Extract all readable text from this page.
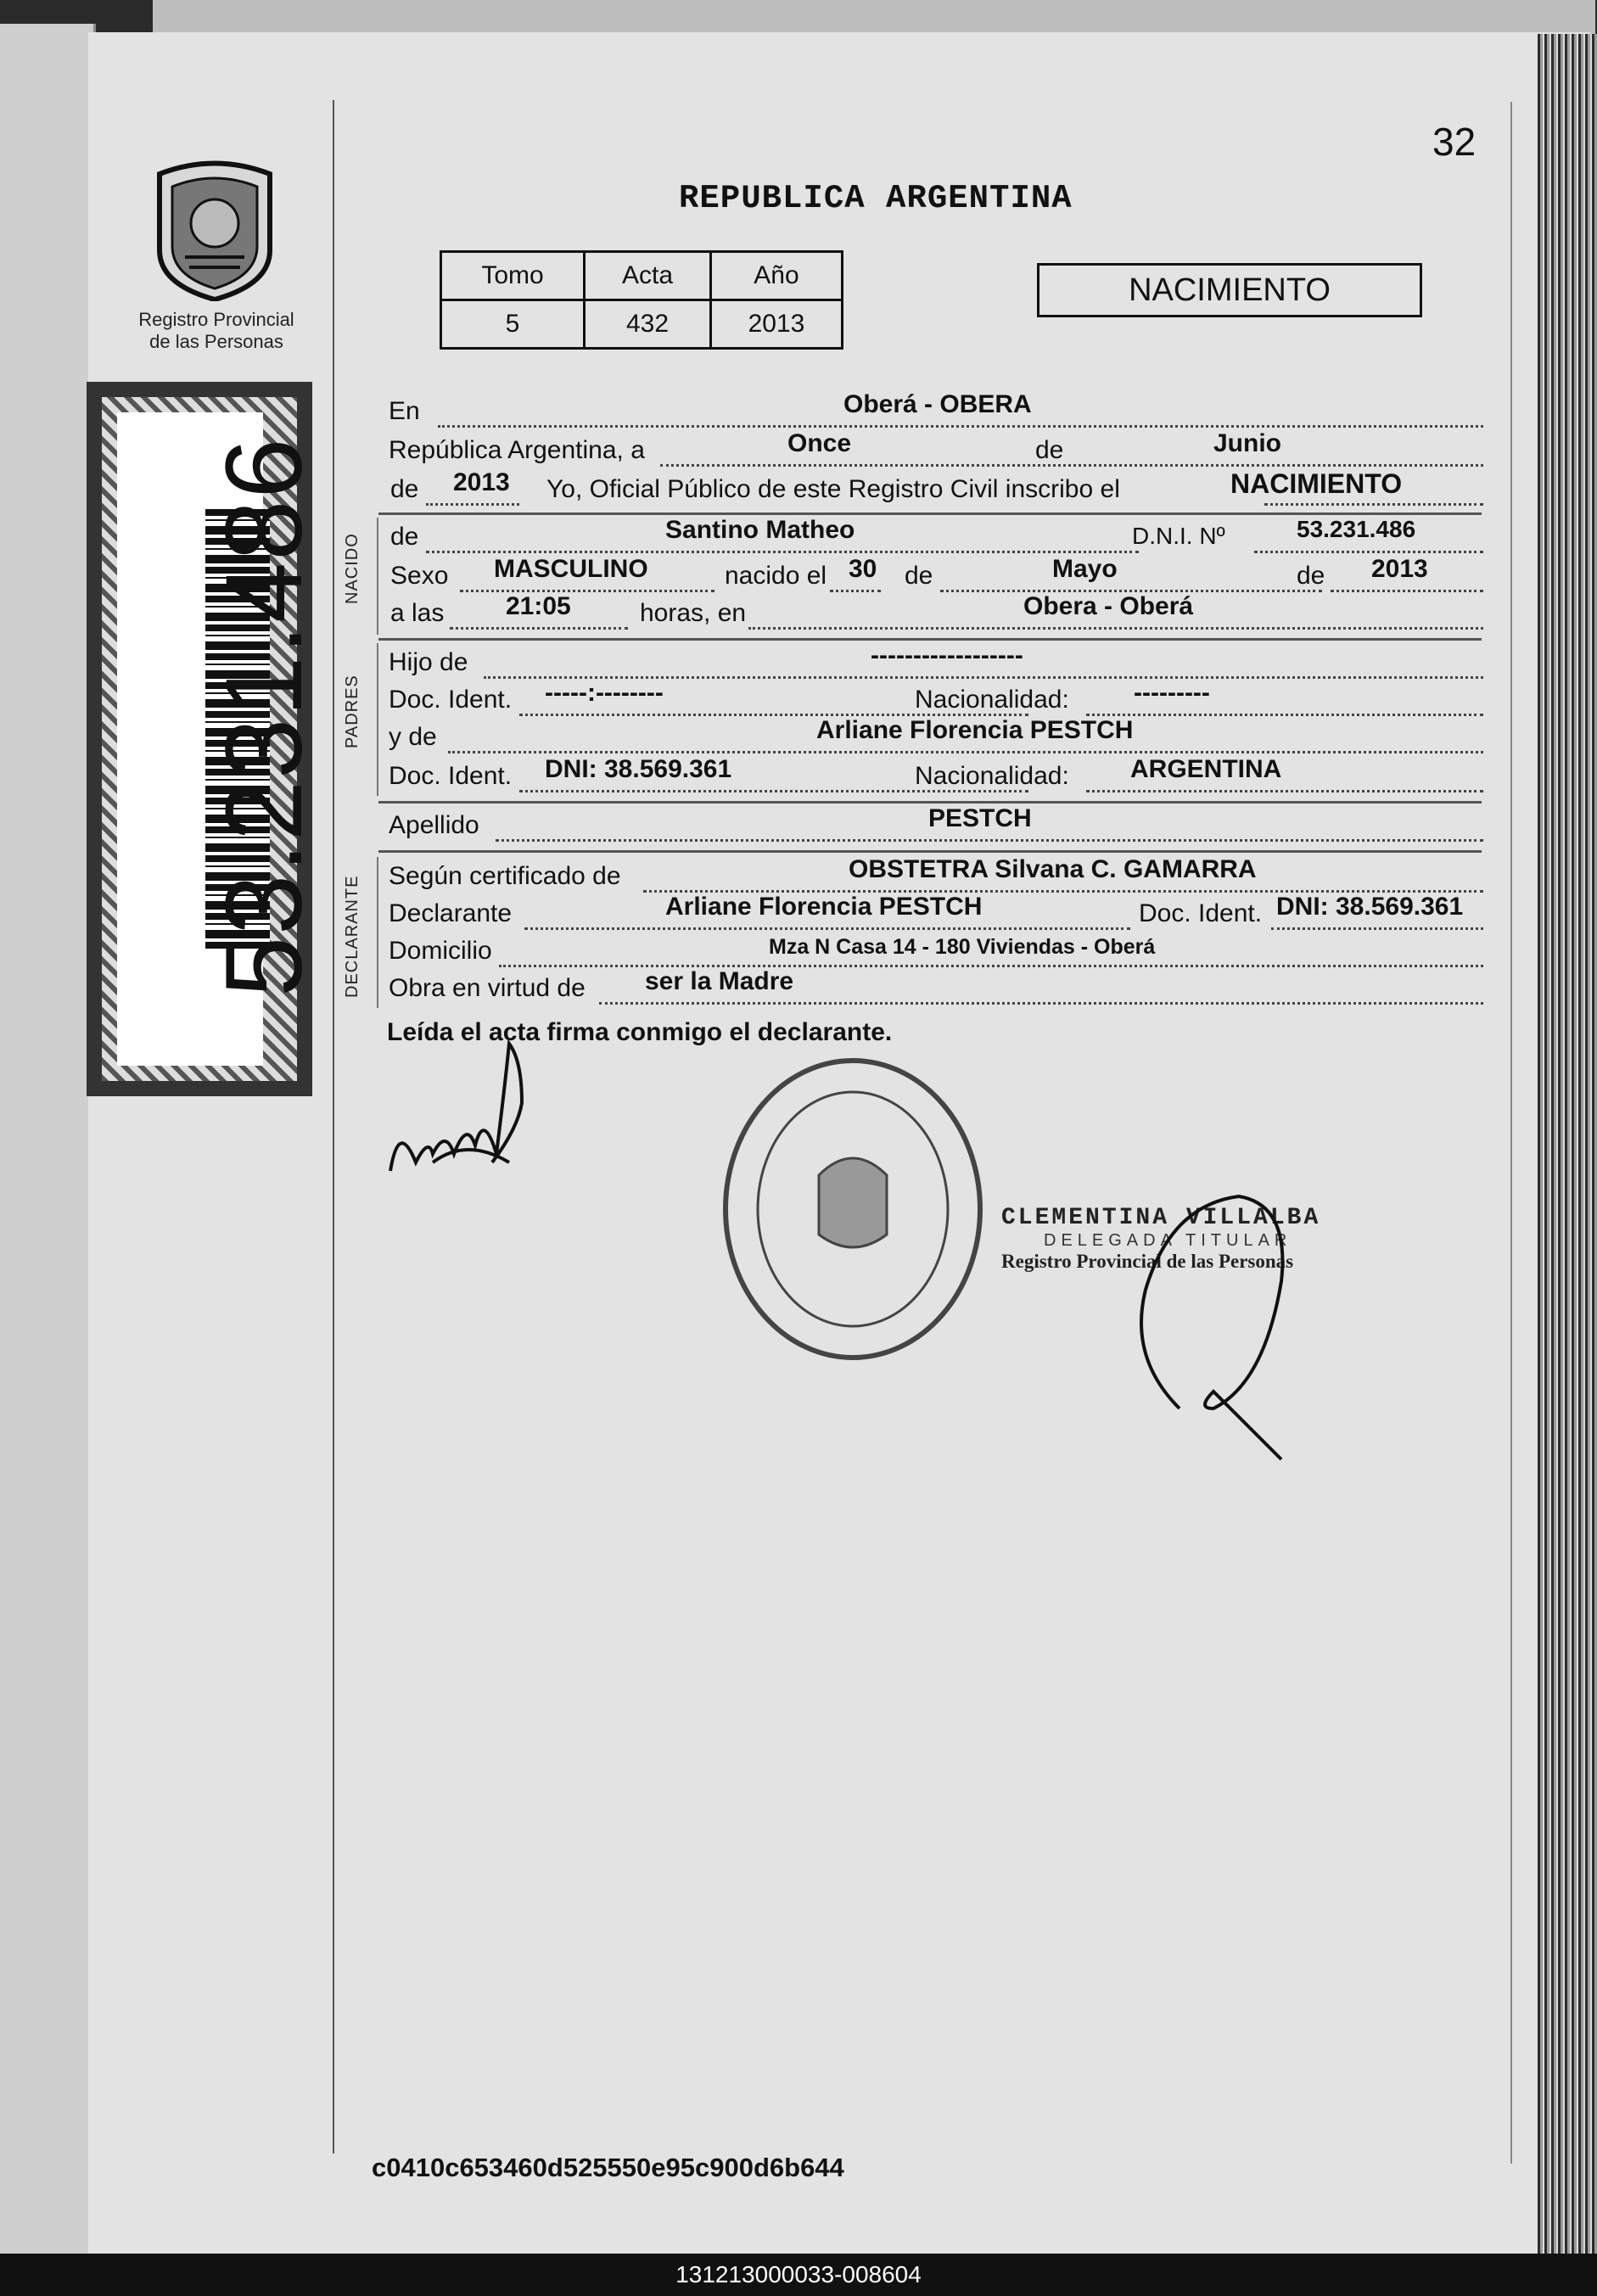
32
REPUBLICA ARGENTINA
Registro Provincial
de las Personas
53.231.486
Tomo	Acta	Año
5	432	2013
NACIMIENTO
En	Oberá - OBERA
República Argentina, a	Once	de	Junio
de 2013 Yo, Oficial Público de este Registro Civil inscribo el	NACIMIENTO
de	Santino Matheo	D.N.I. Nº	53.231.486
Sexo MASCULINO	nacido el 30 de	Mayo	de 2013
a las 21:05	horas, en	Obera - Oberá
NACIDO
Hijo de	------------------
Doc. Ident. -----:--------	Nacionalidad:	---------
y de	Arliane Florencia PESTCH
Doc. Ident. DNI: 38.569.361	Nacionalidad: ARGENTINA
PADRES
Apellido	PESTCH
Según certificado de	OBSTETRA Silvana C. GAMARRA
Declarante	Arliane Florencia PESTCH	Doc. Ident. DNI: 38.569.361
Domicilio	Mza N Casa 14 - 180 Viviendas - Oberá
Obra en virtud de ser la Madre
DECLARANTE
Leída el acta firma conmigo el declarante.
CLEMENTINA VILLALBA
DELEGADA TITULAR
Registro Provincial de las Personas
c0410c653460d525550e95c900d6b644
131213000033-008604
